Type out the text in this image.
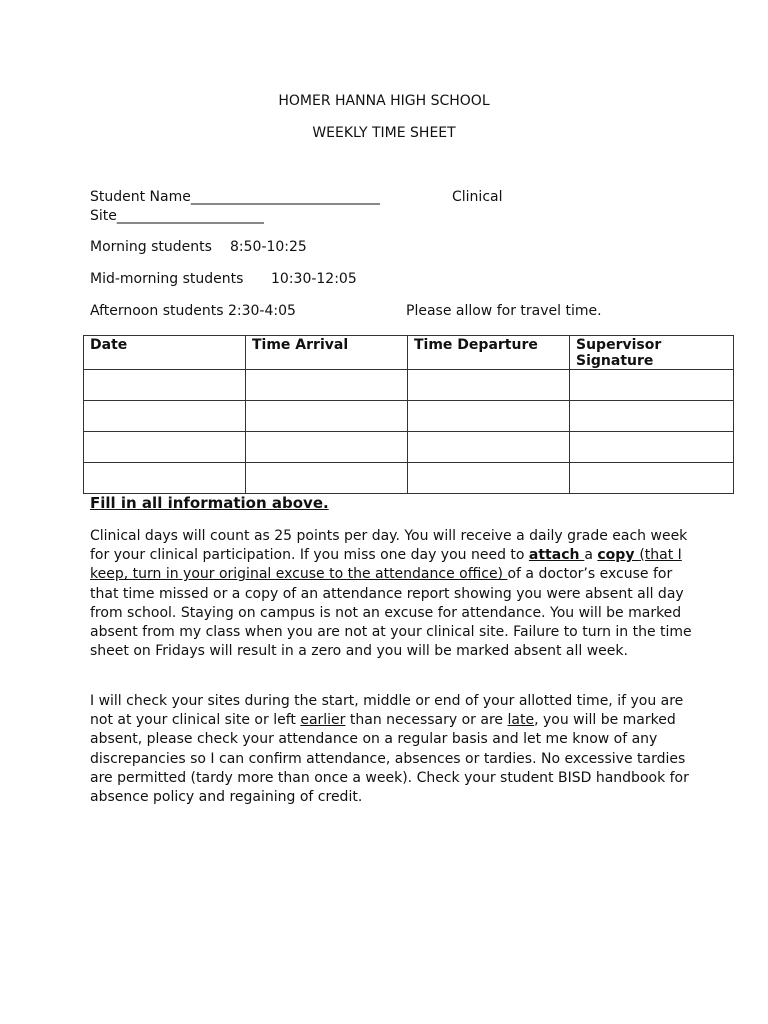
HOMER HANNA HIGH SCHOOL
WEEKLY TIME SHEET
Student Name___________________________	Clinical
Site_____________________
Morning students 8:50-10:25
Mid-morning students 10:30-12:05
Afternoon students 2:30-4:05	Please allow for travel time.
Date	Time Arrival	Time Departure	Supervisor Signature

Fill in all information above.
Clinical days will count as 25 points per day. You will receive a daily grade each week for your clinical participation. If you miss one day you need to attach a copy (that I keep, turn in your original excuse to the attendance office) of a doctor’s excuse for that time missed or a copy of an attendance report showing you were absent all day from school. Staying on campus is not an excuse for attendance. You will be marked absent from my class when you are not at your clinical site. Failure to turn in the time sheet on Fridays will result in a zero and you will be marked absent all week.
I will check your sites during the start, middle or end of your allotted time, if you are not at your clinical site or left earlier than necessary or are late, you will be marked absent, please check your attendance on a regular basis and let me know of any discrepancies so I can confirm attendance, absences or tardies. No excessive tardies are permitted (tardy more than once a week). Check your student BISD handbook for absence policy and regaining of credit.
